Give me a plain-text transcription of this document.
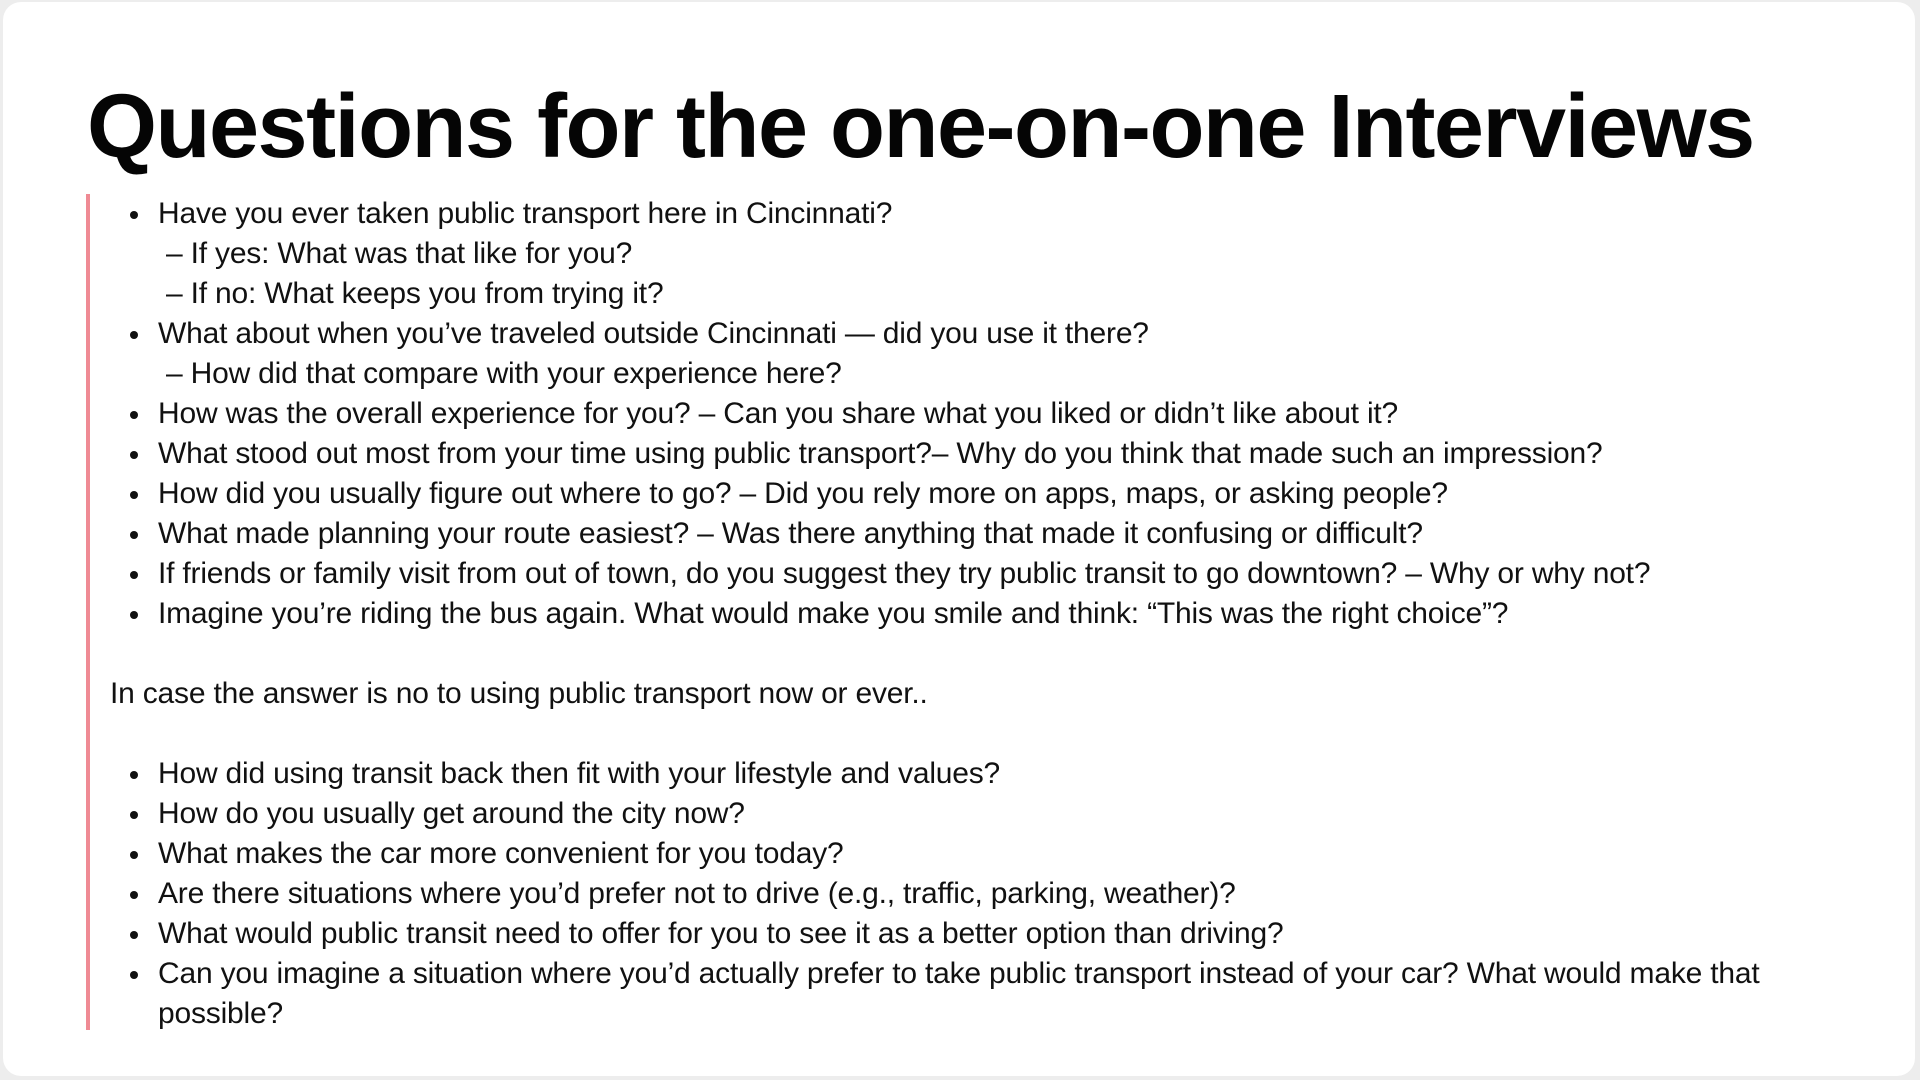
Questions for the one-on-one Interviews
Have you ever taken public transport here in Cincinnati?
– If yes: What was that like for you?
– If no: What keeps you from trying it?
What about when you’ve traveled outside Cincinnati — did you use it there?
– How did that compare with your experience here?
How was the overall experience for you? – Can you share what you liked or didn’t like about it?
What stood out most from your time using public transport?– Why do you think that made such an impression?
How did you usually figure out where to go? – Did you rely more on apps, maps, or asking people?
What made planning your route easiest? – Was there anything that made it confusing or difficult?
If friends or family visit from out of town, do you suggest they try public transit to go downtown? – Why or why not?
Imagine you’re riding the bus again. What would make you smile and think: “This was the right choice”?

In case the answer is no to using public transport now or ever..

How did using transit back then fit with your lifestyle and values?
How do you usually get around the city now?
What makes the car more convenient for you today?
Are there situations where you’d prefer not to drive (e.g., traffic, parking, weather)?
What would public transit need to offer for you to see it as a better option than driving?
Can you imagine a situation where you’d actually prefer to take public transport instead of your car? What would make that possible?
